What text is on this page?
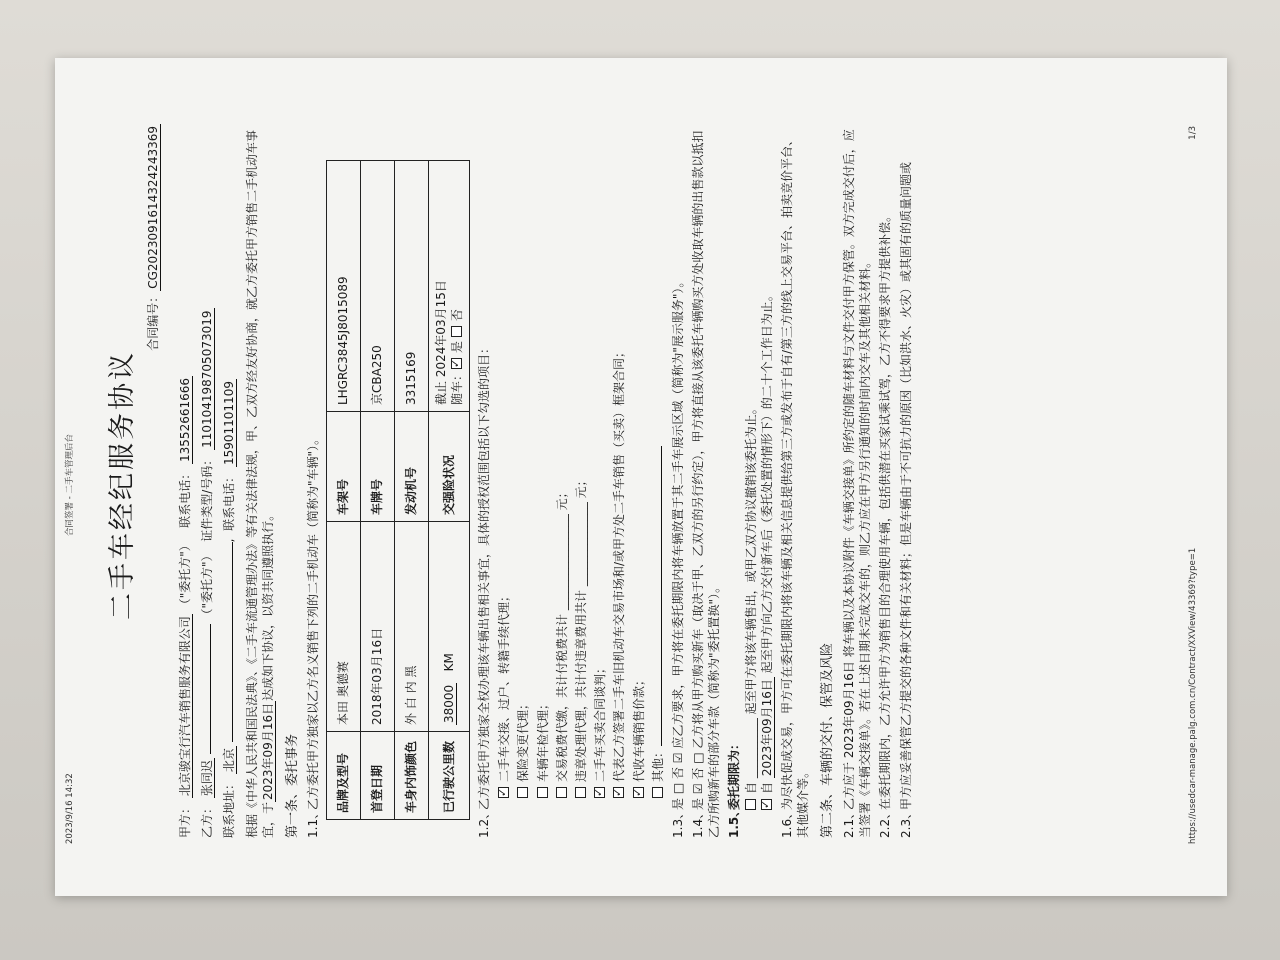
2023/9/16 14:32
合同签署 - 二手车管理后台 二手车经纪服务协议
合同编号：CG202309161432424336​9
甲方： 北京骏宝行汽车销售服务有限公司 （"委托方"）   联系电话： 13552661666
乙方： 张同迟  （"委托方"）  证件类型/号码： 110104198705073019
联系地址： 北京 ,  联系电话： 15901101109 根据《中华人民共和国民法典》、《二手车流通管理办法》等有关法律法规，甲、乙双方经友好协商，就乙方委托甲方销售二手机动车事宜，于2023年09月16日达成如下协议，以资共同遵照执行。
第一条、委托事务 1.1、乙方委托甲方独家以乙方名义销售下列的二手机动车（简称为"车辆"）。 品牌及型号	本田 奥德赛	车架号	LHGRC3845J8015089
首登日期	2018年03月16日	车牌号	京CBA250
车身内饰颜色	外 白 内 黑	发动机号	3315169
已行驶公里数	38000   KM	交强险状况	截止 2024年03月15日 随车：✓是 否
1.2、乙方委托甲方独家全权办理该车辆出售相关事宜，具体的授权范围包括以下勾选的项目：
✓ 二手车交接、过户、转籍手续代理； 保险变更代理； 车辆年检代理； 交易税费代缴，共计付税费共计 ________________ 元； 违章处理代理，共计付违章费用共计 ______________ 元；
✓ 二手车买卖合同谈判；
✓ 代表乙方签署二手车旧机动车交易市场和/或甲方处二手车销售（买卖）框架合同；
✓ 代收车辆销售价款； 其他：
1.3、是 □ 否 ☑ 应乙方要求，甲方将在委托期限内将车辆放置于其二手车展示区域（简称为"展示服务"）。
1.4、是 ☑ 否 □ 乙方将从甲方购买新车（取决于甲、乙双方的另行约定），甲方将直接从该委托车辆购买方处收取车辆的出售款以抵扣乙方所购新车的部分车款（简称为"委托置换"）。 1.5、委托期限为： 自 __________ 起至甲方将该车辆售出，或甲乙双方协议撤销该委托为止。
✓ 自 2023年09月16日 起至甲方向乙方交付新车后（委托处置的情形下）的二十个工作日为止。
1.6、为尽快促成交易，甲方可在委托期限内将该车辆及相关信息提供给第三方或发布于自有/第三方的线上交易平台、拍卖竞价平台、其他媒介等。 第二条、车辆的交付、保管及风险 2.1、乙方应于 2023年09月16日 将车辆以及本协议附件《车辆交接单》所约定的随车材料与文件交付甲方保管。双方完成交付后，应当签署《车辆交接单》。若在上述日期未完成交车的，则乙方应在甲方另行通知的时间内交车及其他相关材料。 2.2、在委托期限内，乙方允许甲方为销售目的合理使用车辆，包括供潜在买家试乘试驾，乙方不得要求甲方提供补偿。
2.3、甲方应妥善保管乙方提交的各种文件和有关材料；但是车辆由于不可抗力的原因（比如洪水、火灾）或其固有的质量问题或	https://usedcar-manage.palg.com.cn/Contract/XXView/43369?type=1
1/3
